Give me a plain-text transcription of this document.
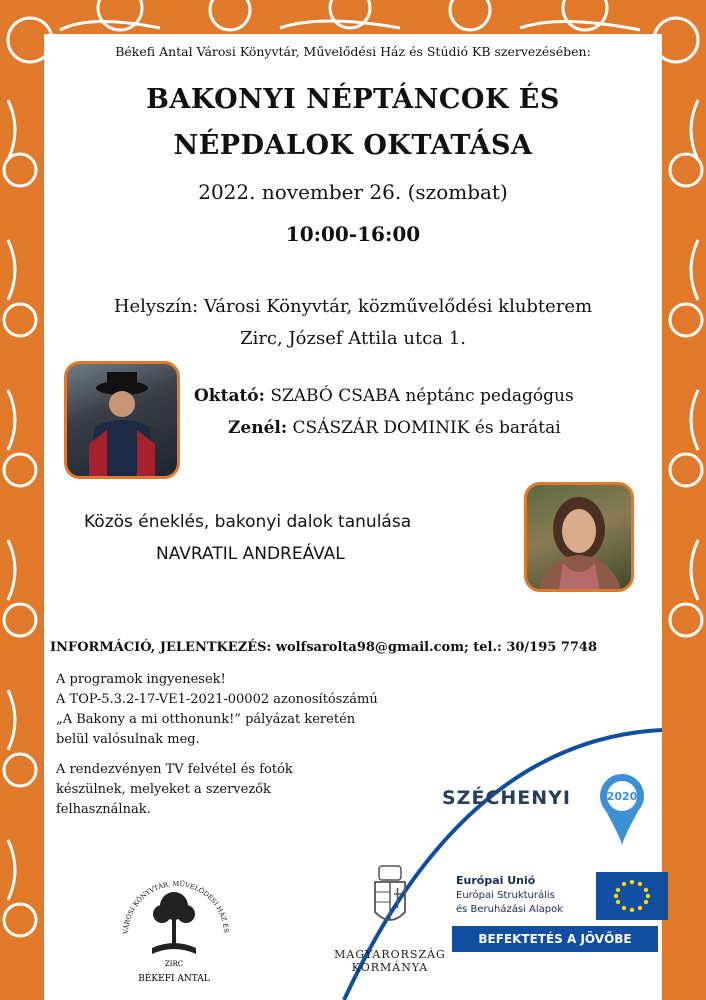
Békefi Antal Városi Könyvtár, Művelődési Ház és Stúdió KB szervezésében:
BAKONYI NÉPTÁNCOK ÉS
NÉPDALOK OKTATÁSA
2022. november 26. (szombat)
10:00-16:00
Helyszín: Városi Könyvtár, közművelődési klubterem
Zirc, József Attila utca 1.
Oktató: SZABÓ CSABA néptánc pedagógus
Zenél: CSÁSZÁR DOMINIK és barátai
Közös éneklés, bakonyi dalok tanulása
NAVRATIL ANDREÁVAL
INFORMÁCIÓ, JELENTKEZÉS: wolfsarolta98@gmail.com; tel.: 30/195 7748
A programok ingyenesek!
A TOP-5.3.2-17-VE1-2021-00002 azonosítószámú
„A Bakony a mi otthonunk!” pályázat keretén
belül valósulnak meg.
A rendezvényen TV felvétel és fotók
készülnek, melyeket a szervezők
felhasználnak.
VÁROSI KÖNYVTÁR, MŰVELŐDÉSI HÁZ ÉS
ZIRC
BÉKEFI ANTAL
MAGYARORSZÁG
KORMÁNYA
SZÉCHENYI	2020
Európai Unió
Európai Strukturális
és Beruházási Alapok
BEFEKTETÉS A JÖVŐBE
